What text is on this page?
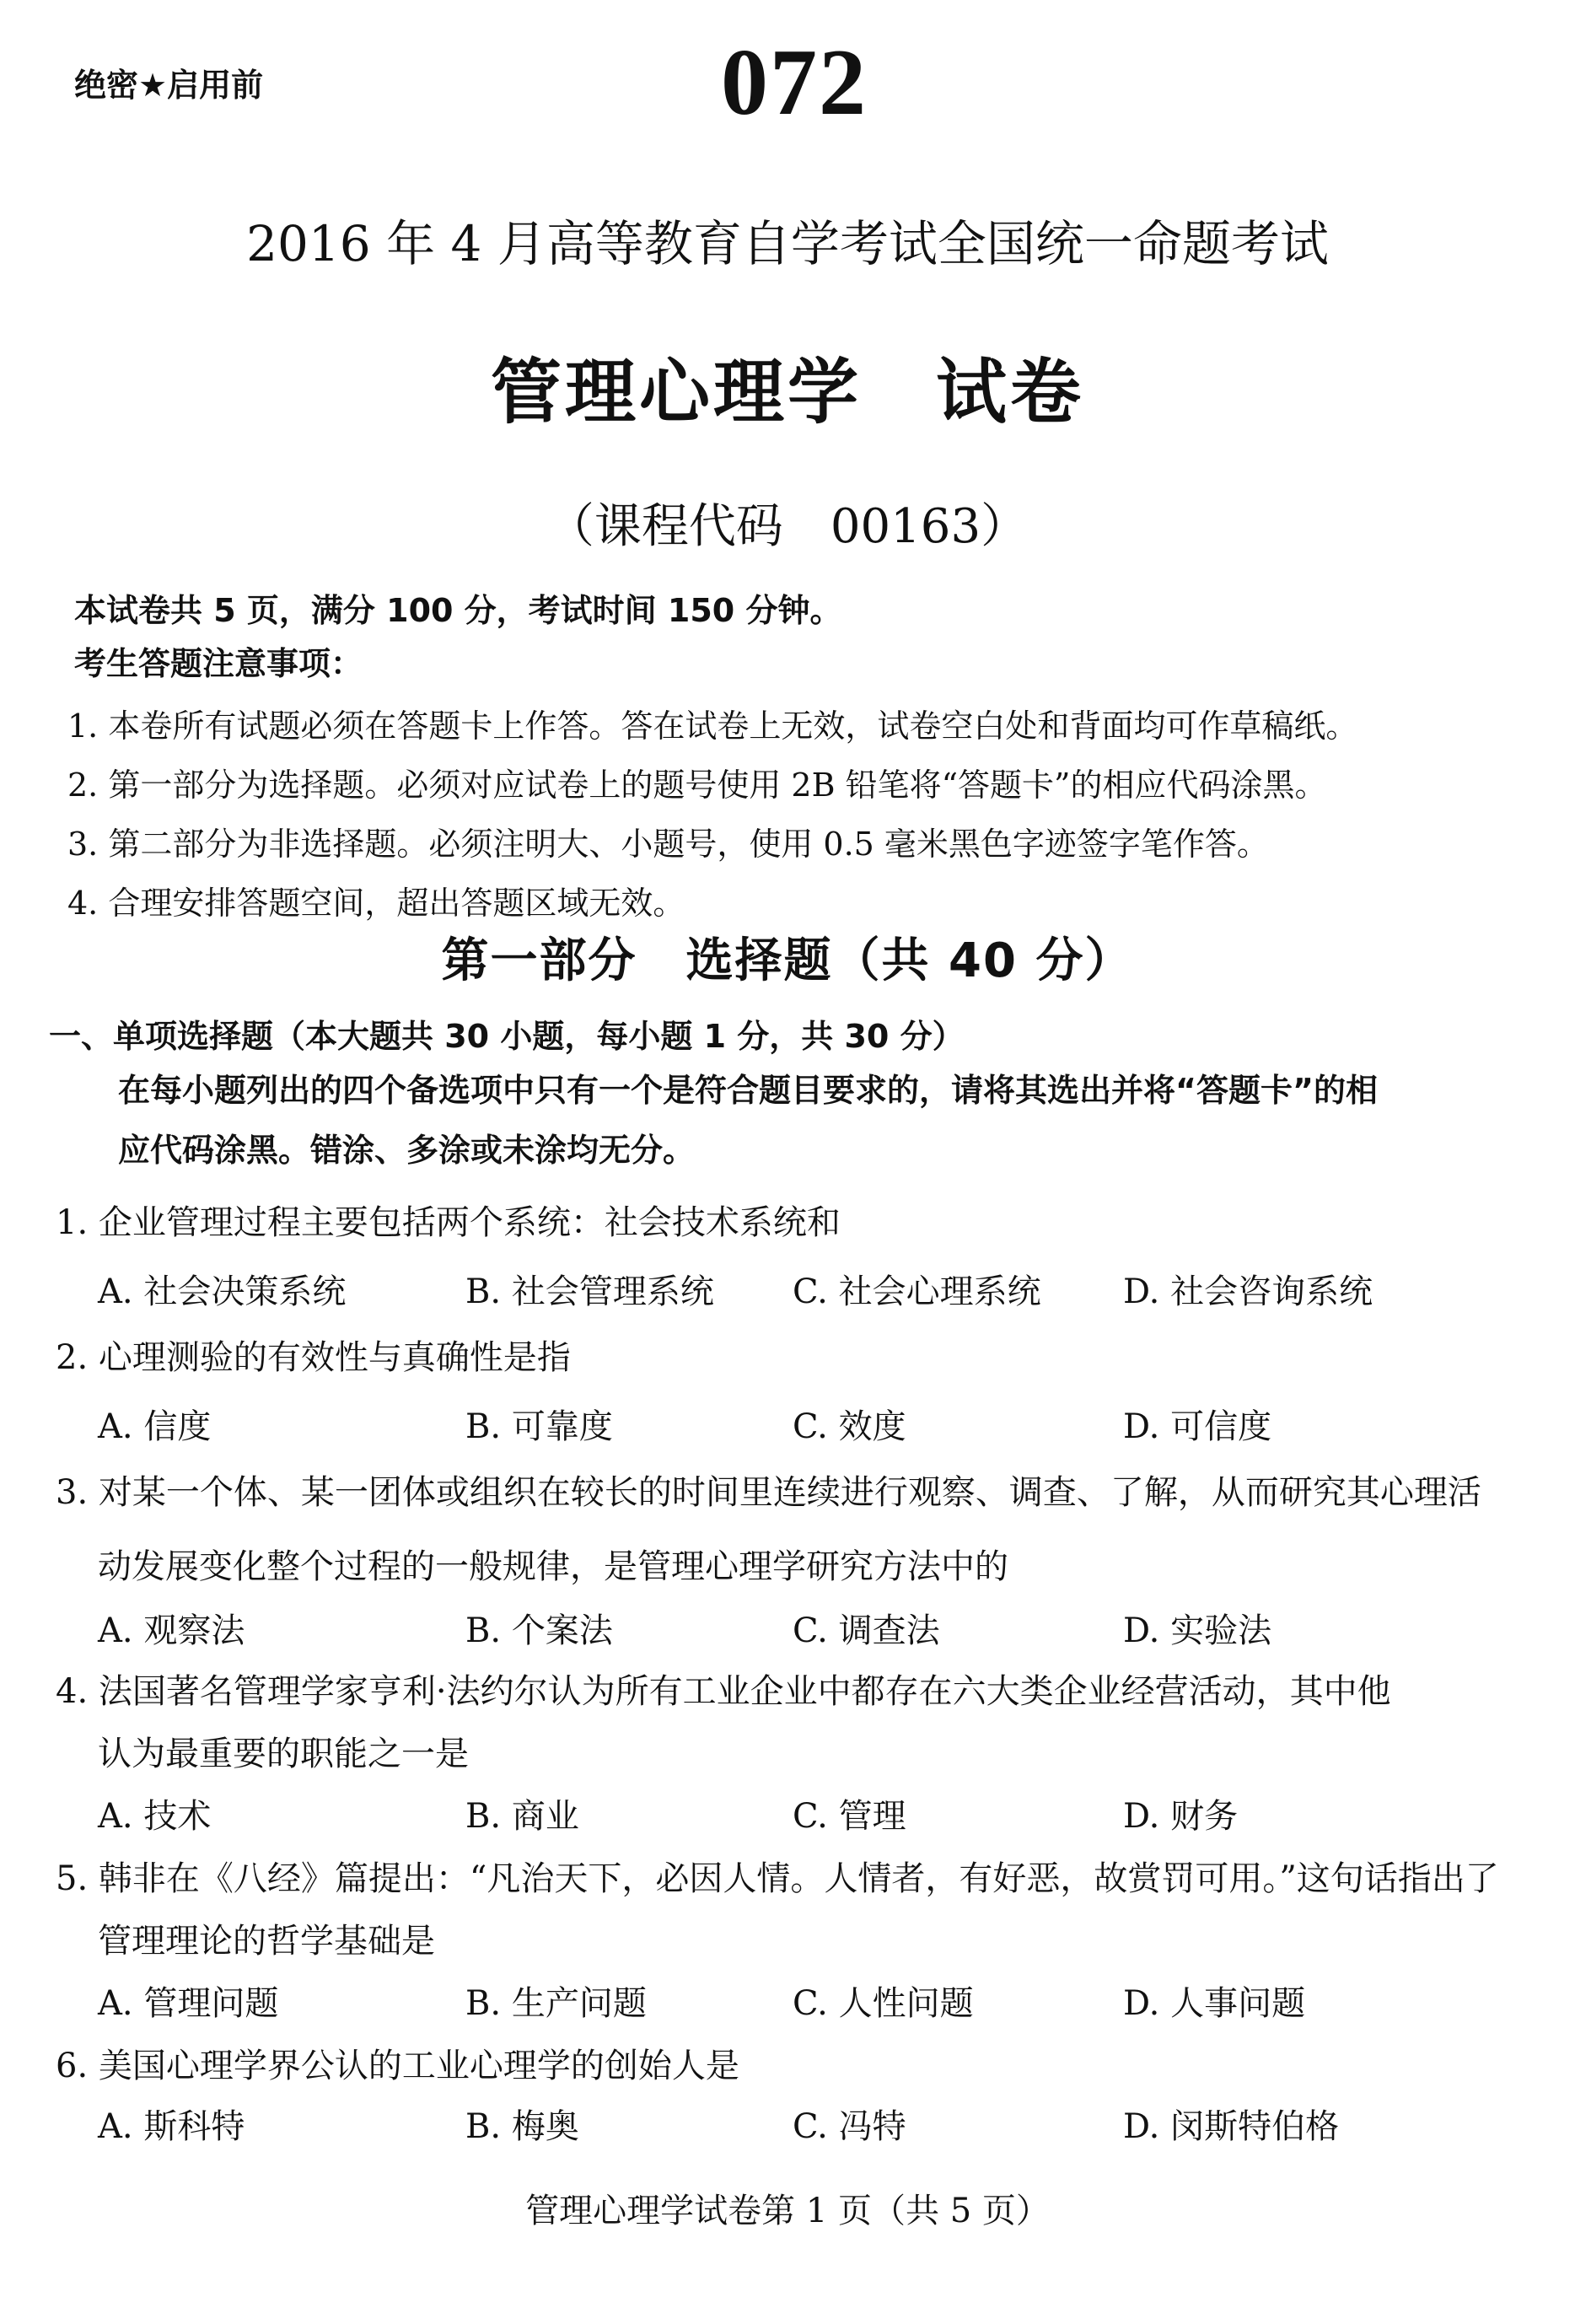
绝密★启用前	072
2016 年 4 月高等教育自学考试全国统一命题考试
管理心理学　试卷
（课程代码　00163）
本试卷共 5 页，满分 100 分，考试时间 150 分钟。
考生答题注意事项：
1. 本卷所有试题必须在答题卡上作答。答在试卷上无效，试卷空白处和背面均可作草稿纸。
2. 第一部分为选择题。必须对应试卷上的题号使用 2B 铅笔将“答题卡”的相应代码涂黑。
3. 第二部分为非选择题。必须注明大、小题号，使用 0.5 毫米黑色字迹签字笔作答。
4. 合理安排答题空间，超出答题区域无效。
第一部分　选择题（共 40 分）
一、单项选择题（本大题共 30 小题，每小题 1 分，共 30 分）
在每小题列出的四个备选项中只有一个是符合题目要求的，请将其选出并将“答题卡”的相
应代码涂黑。错涂、多涂或未涂均无分。
1. 企业管理过程主要包括两个系统：社会技术系统和
A. 社会决策系统	B. 社会管理系统 C. 社会心理系统 D. 社会咨询系统
2. 心理测验的有效性与真确性是指
A. 信度	B. 可靠度	C. 效度	D. 可信度
3. 对某一个体、某一团体或组织在较长的时间里连续进行观察、调查、了解，从而研究其心理活
动发展变化整个过程的一般规律，是管理心理学研究方法中的
A. 观察法	B. 个案法	C. 调查法	D. 实验法
4. 法国著名管理学家亨利·法约尔认为所有工业企业中都存在六大类企业经营活动，其中他
认为最重要的职能之一是
A. 技术	B. 商业	C. 管理	D. 财务
5. 韩非在《八经》篇提出：“凡治天下，必因人情。人情者，有好恶，故赏罚可用。”这句话指出了
管理理论的哲学基础是
A. 管理问题	B. 生产问题	C. 人性问题	D. 人事问题
6. 美国心理学界公认的工业心理学的创始人是
A. 斯科特	B. 梅奥	C. 冯特	D. 闵斯特伯格
管理心理学试卷第 1 页（共 5 页）
